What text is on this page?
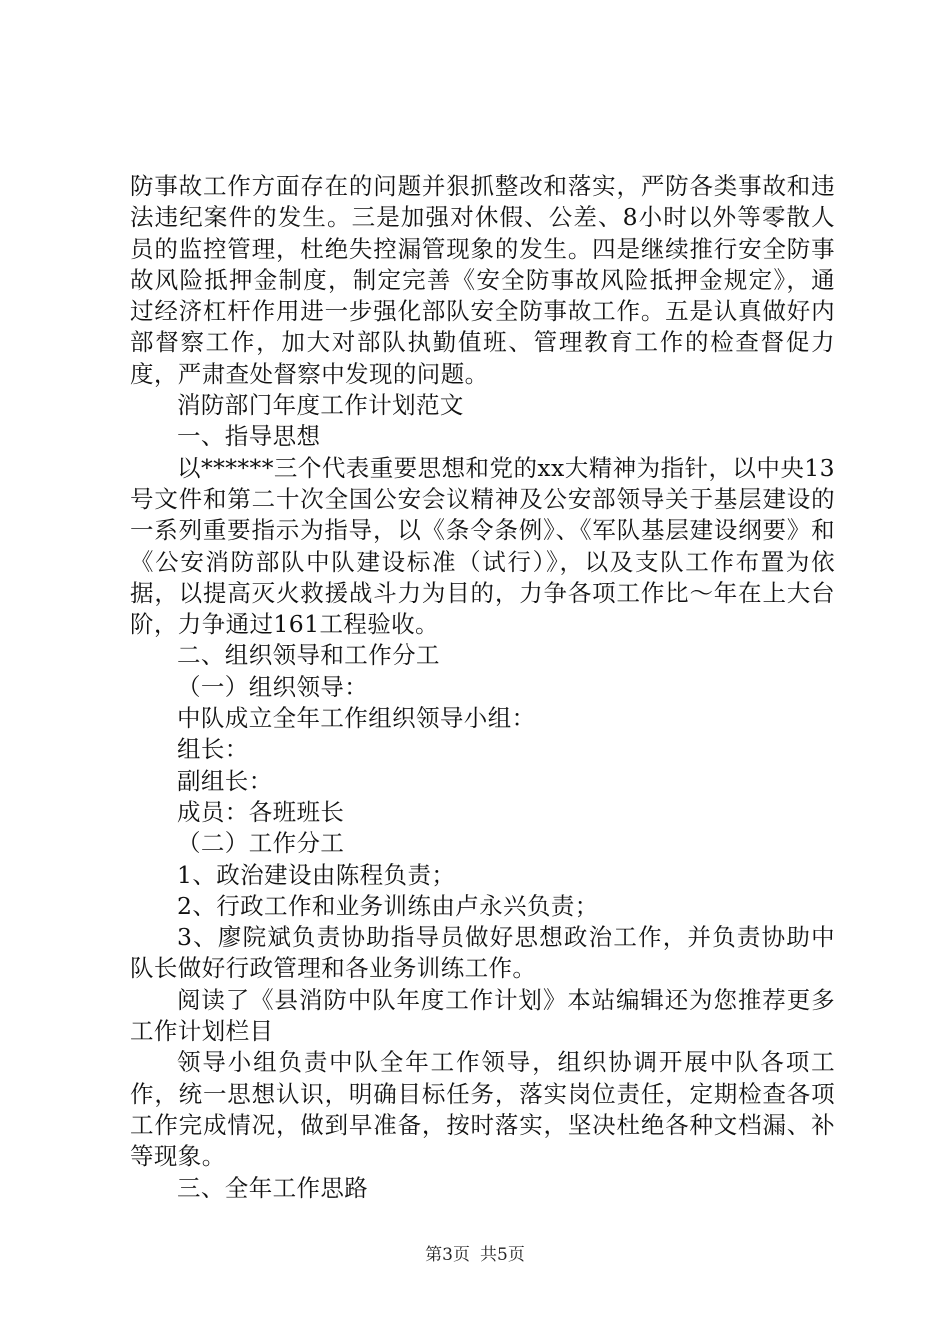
防事故工作方面存在的问题并狠抓整改和落实，严防各类事故和违法违纪案件的发生。三是加强对休假、公差、8小时以外等零散人员的监控管理，杜绝失控漏管现象的发生。四是继续推行安全防事故风险抵押金制度，制定完善《安全防事故风险抵押金规定》，通过经济杠杆作用进一步强化部队安全防事故工作。五是认真做好内部督察工作，加大对部队执勤值班、管理教育工作的检查督促力度，严肃查处督察中发现的问题。

消防部门年度工作计划范文

一、指导思想

以******三个代表重要思想和党的xx大精神为指针，以中央13号文件和第二十次全国公安会议精神及公安部领导关于基层建设的一系列重要指示为指导，以《条令条例》、《军队基层建设纲要》和《公安消防部队中队建设标准（试行）》，以及支队工作布置为依据，以提高灭火救援战斗力为目的，力争各项工作比～年在上大台阶，力争通过161工程验收。

二、组织领导和工作分工

（一）组织领导：

中队成立全年工作组织领导小组：

组长：

副组长：

成员：各班班长

（二）工作分工

1、政治建设由陈程负责；

2、行政工作和业务训练由卢永兴负责；

3、廖院斌负责协助指导员做好思想政治工作，并负责协助中队长做好行政管理和各业务训练工作。

阅读了《县消防中队年度工作计划》本站编辑还为您推荐更多工作计划栏目

领导小组负责中队全年工作领导，组织协调开展中队各项工作，统一思想认识，明确目标任务，落实岗位责任，定期检查各项工作完成情况，做到早准备，按时落实，坚决杜绝各种文档漏、补等现象。

三、全年工作思路

第3页 共5页
